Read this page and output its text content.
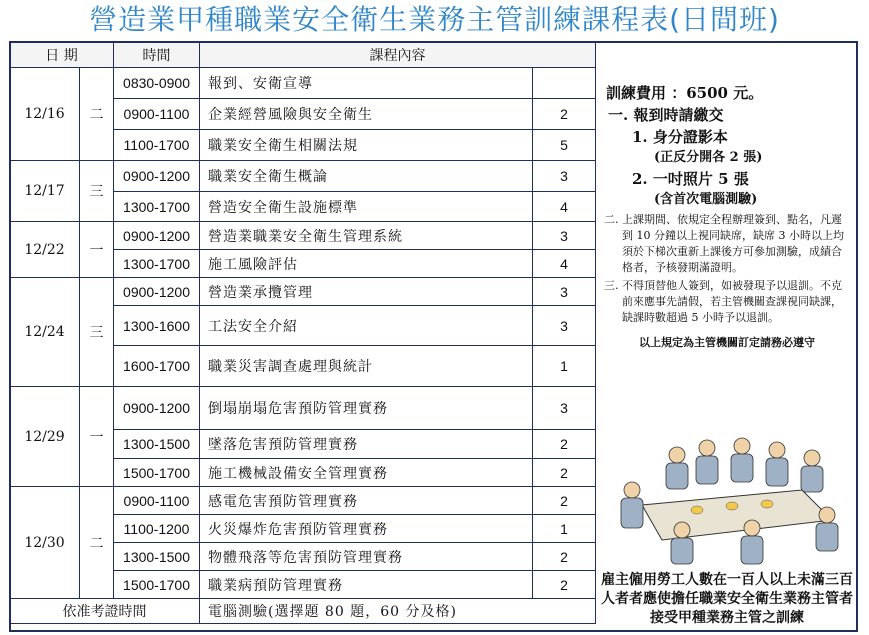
營造業甲種職業安全衛生業務主管訓練課程表(日間班)
日 期		時間	課程內容	
12/16	二	0830-0900	報到、安衛宣導	
		0900-1100	企業經營風險與安全衛生	2
		1100-1700	職業安全衛生相關法規	5
12/17	三	0900-1200	職業安全衛生概論	3
		1300-1700	營造安全衛生設施標準	4
12/22	一	0900-1200	營造業職業安全衛生管理系統	3
		1300-1700	施工風險評估	4
12/24	三	0900-1200	營造業承攬管理	3
		1300-1600	工法安全介紹	3
		1600-1700	職業災害調查處理與統計	1
12/29	一	0900-1200	倒塌崩塌危害預防管理實務	3
		1300-1500	墜落危害預防管理實務	2
		1500-1700	施工機械設備安全管理實務	2
12/30	二	0900-1100	感電危害預防管理實務	2
		1100-1200	火災爆炸危害預防管理實務	1
		1300-1500	物體飛落等危害預防管理實務	2
		1500-1700	職業病預防管理實務	2
依准考證時間			電腦測驗(選擇題 80 題，60 分及格)	
訓練費用 ：6500 元。
一. 報到時請繳交
1. 身分證影本
(正反分開各 2 張)
2. 一吋照片 5 張
(含首次電腦測驗)
二. 上課期間、依規定全程辦理簽到、點名，凡遲到 10 分鐘以上視同缺席，缺席 3 小時以上均須於下梯次重新上課後方可參加測驗，成績合格者，予核發期滿證明。
三. 不得頂替他人簽到，如被發現予以退訓。不克前來應事先請假，若主管機關查課視同缺課，缺課時數超過 5 小時予以退訓。
以上規定為主管機關訂定請務必遵守
雇主僱用勞工人數在一百人以上未滿三百人者者應使擔任職業安全衛生業務主管者接受甲種業務主管之訓練
